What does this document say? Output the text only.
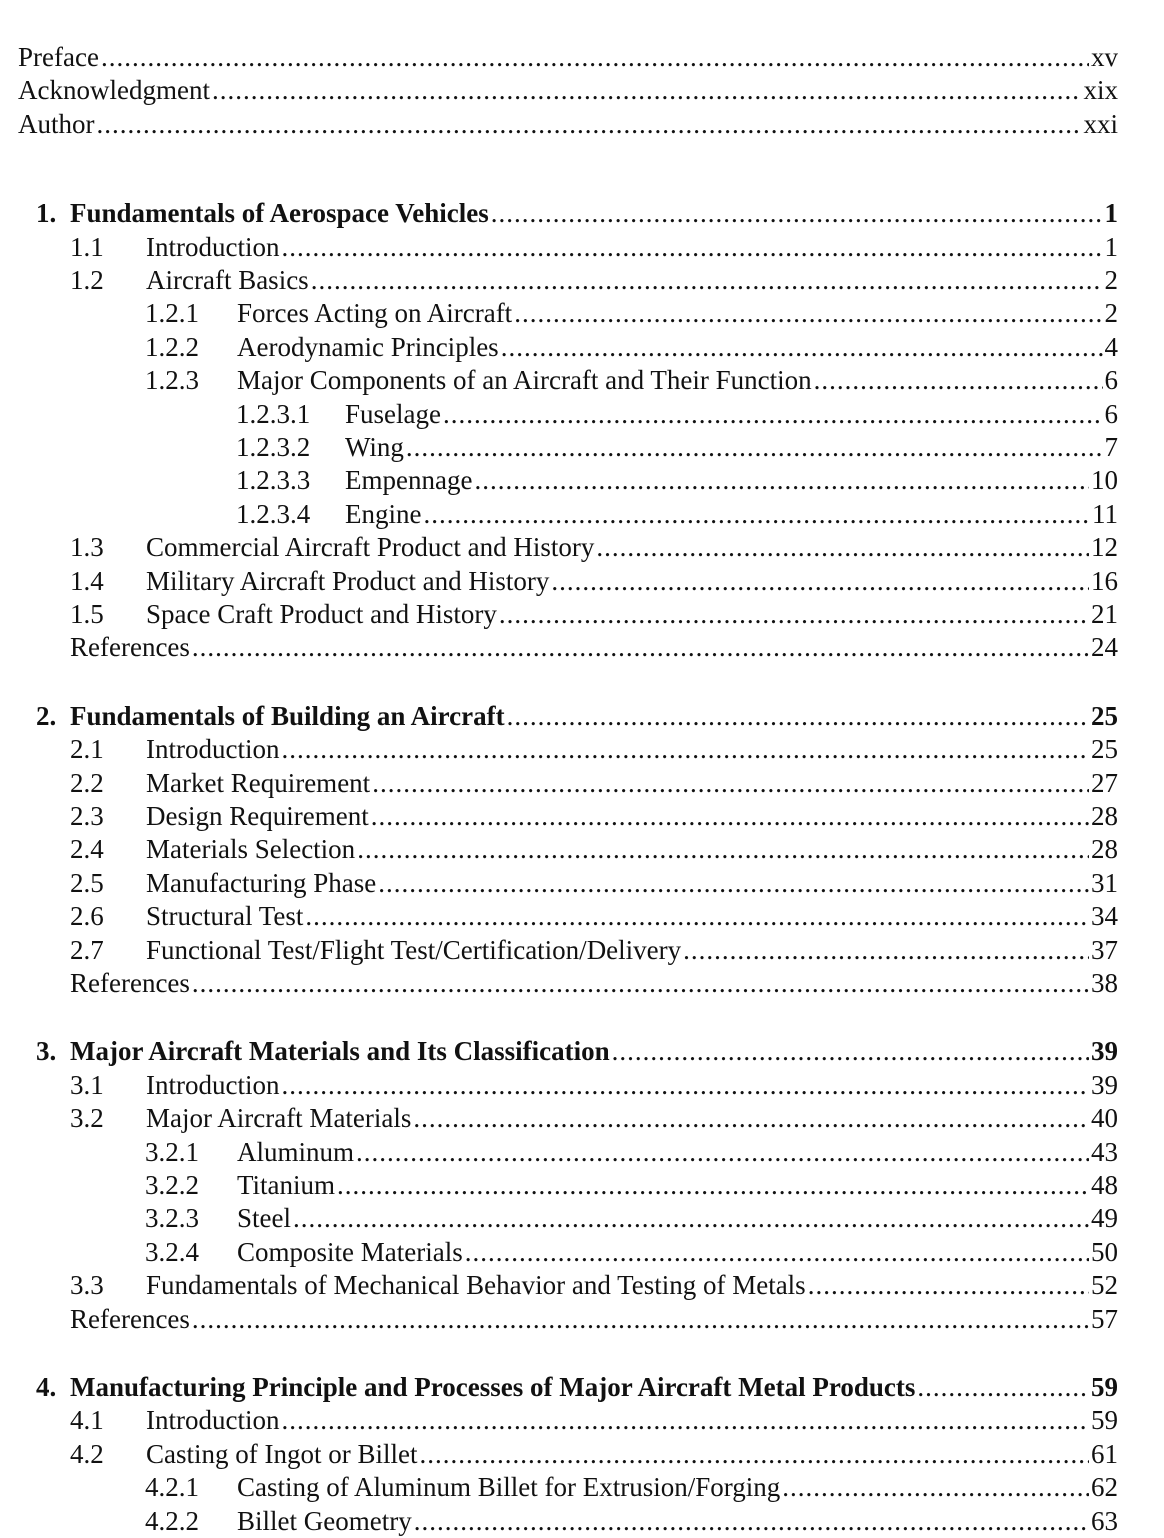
Preface .....	xv
Acknowledgment .....	xix
Author .....	xxi
1. Fundamentals of Aerospace Vehicles .....	1
1.1	Introduction .....	1
1.2	Aircraft Basics .....	2
1.2.1	Forces Acting on Aircraft .....	2
1.2.2	Aerodynamic Principles .....	4
1.2.3	Major Components of an Aircraft and Their Function .....	6
1.2.3.1	Fuselage .....	6
1.2.3.2	Wing .....	7
1.2.3.3	Empennage .....	10
1.2.3.4	Engine .....	11
1.3	Commercial Aircraft Product and History .....	12
1.4	Military Aircraft Product and History .....	16
1.5	Space Craft Product and History .....	21
References .....	24
2. Fundamentals of Building an Aircraft .....	25
2.1	Introduction .....	25
2.2	Market Requirement .....	27
2.3	Design Requirement .....	28
2.4	Materials Selection .....	28
2.5	Manufacturing Phase .....	31
2.6	Structural Test .....	34
2.7	Functional Test/Flight Test/Certification/Delivery .....	37
References .....	38
3. Major Aircraft Materials and Its Classification .....	39
3.1	Introduction .....	39
3.2	Major Aircraft Materials .....	40
3.2.1	Aluminum .....	43
3.2.2	Titanium .....	48
3.2.3	Steel .....	49
3.2.4	Composite Materials .....	50
3.3	Fundamentals of Mechanical Behavior and Testing of Metals .....	52
References .....	57
4. Manufacturing Principle and Processes of Major Aircraft Metal Products .....	59
4.1	Introduction .....	59
4.2	Casting of Ingot or Billet .....	61
4.2.1	Casting of Aluminum Billet for Extrusion/Forging .....	62
4.2.2	Billet Geometry .....	63
